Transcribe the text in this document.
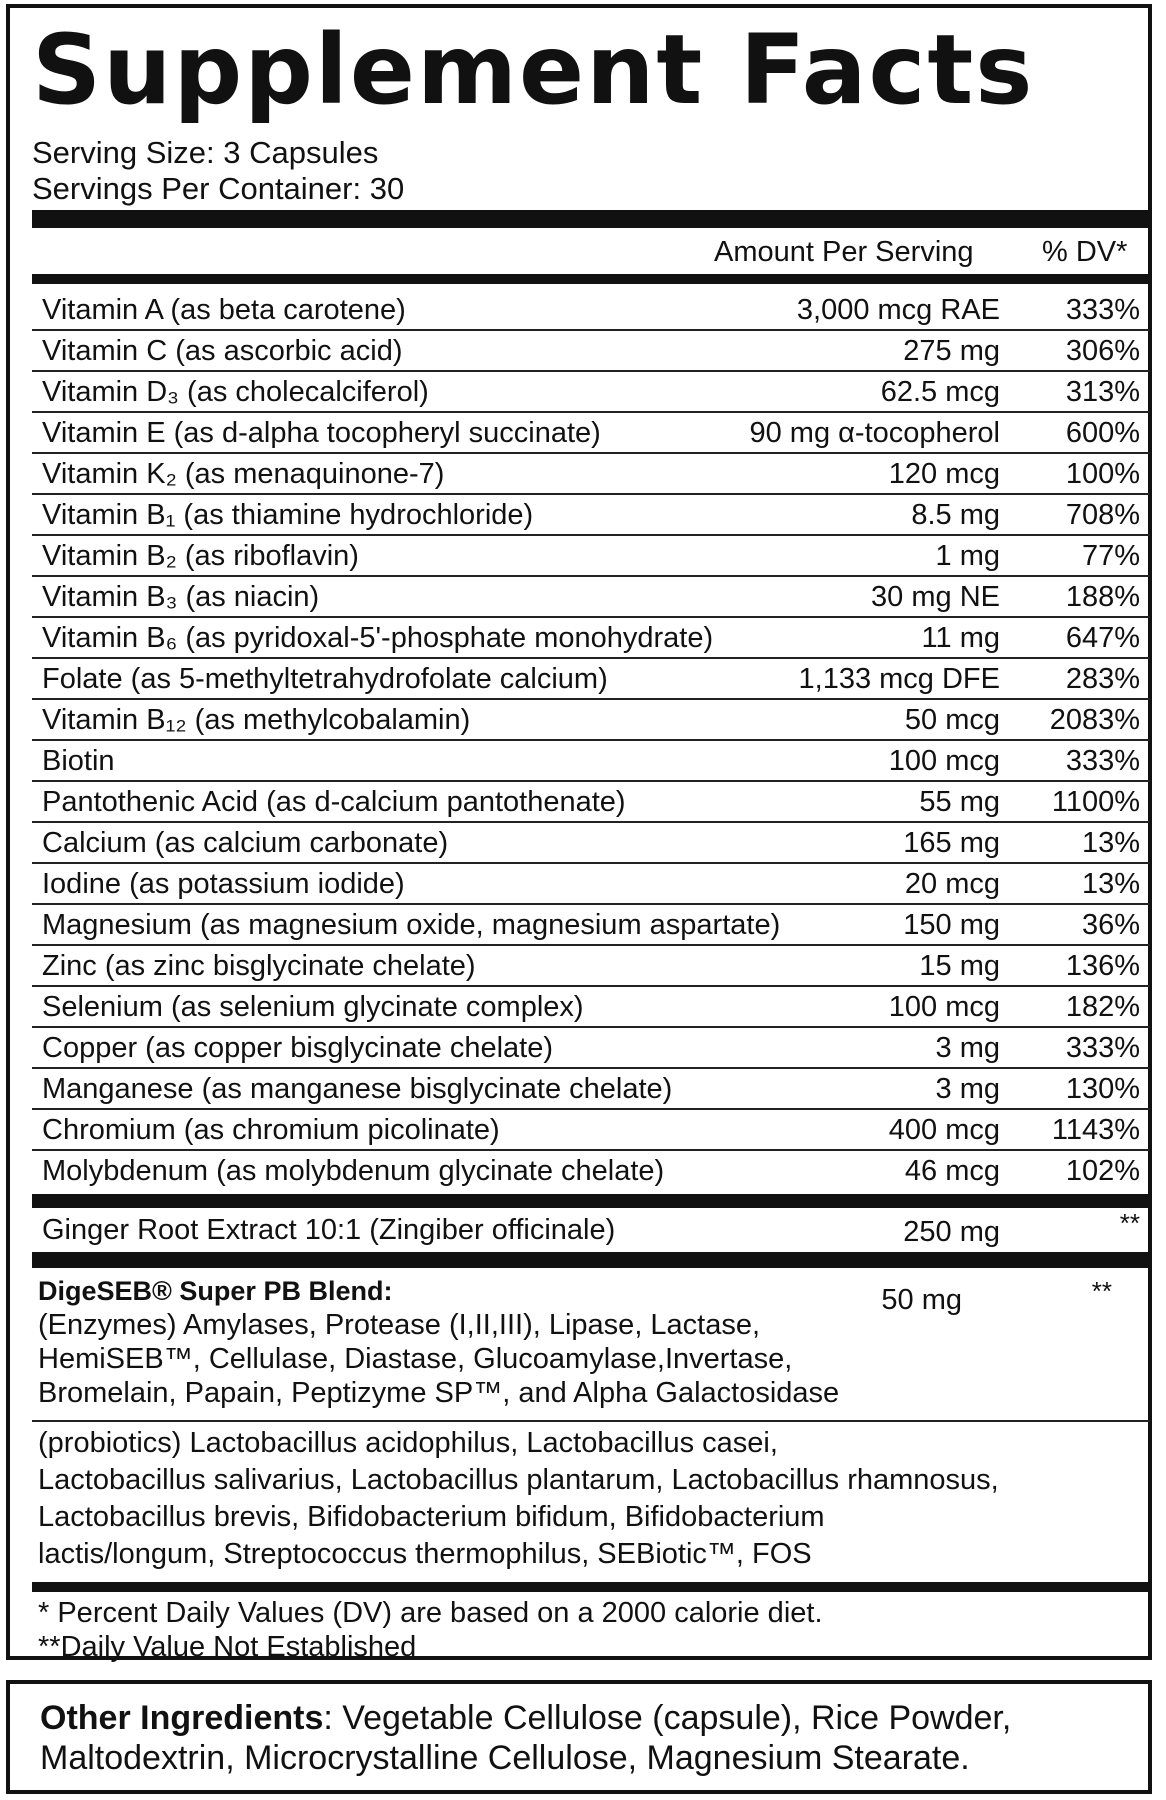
Supplement Facts
Serving Size: 3 Capsules
Servings Per Container: 30
Amount Per Serving % DV*
Vitamin A (as beta carotene)	3,000 mcg RAE 333%
Vitamin C (as ascorbic acid)	275 mg 306%
Vitamin D₃ (as cholecalciferol)	62.5 mcg 313%
Vitamin E (as d-alpha tocopheryl succinate)	90 mg α-tocopherol 600%
Vitamin K₂ (as menaquinone-7)	120 mcg 100%
Vitamin B₁ (as thiamine hydrochloride)	8.5 mg 708%
Vitamin B₂ (as riboflavin)	1 mg	77%
Vitamin B₃ (as niacin)	30 mg NE 188%
Vitamin B₆ (as pyridoxal-5'-phosphate monohydrate)	11 mg 647%
Folate (as 5-methyltetrahydrofolate calcium)	1,133 mcg DFE 283%
Vitamin B₁₂ (as methylcobalamin)	50 mcg 2083%
Biotin	100 mcg 333%
Pantothenic Acid (as d-calcium pantothenate)	55 mg 1100%
Calcium (as calcium carbonate)	165 mg	13%
Iodine (as potassium iodide)	20 mcg	13%
Magnesium (as magnesium oxide, magnesium aspartate)	150 mg	36%
Zinc (as zinc bisglycinate chelate)	15 mg 136%
Selenium (as selenium glycinate complex)	100 mcg 182%
Copper (as copper bisglycinate chelate)	3 mg 333%
Manganese (as manganese bisglycinate chelate)	3 mg 130%
Chromium (as chromium picolinate)	400 mcg 1143%
Molybdenum (as molybdenum glycinate chelate)	46 mcg 102%
Ginger Root Extract 10:1 (Zingiber officinale)	250 mg	**
DigeSEB® Super PB Blend:	50 mg	**
(Enzymes) Amylases, Protease (I,II,III), Lipase, Lactase,
HemiSEB™, Cellulase, Diastase, Glucoamylase,Invertase,
Bromelain, Papain, Peptizyme SP™, and Alpha Galactosidase
(probiotics) Lactobacillus acidophilus, Lactobacillus casei,
Lactobacillus salivarius, Lactobacillus plantarum, Lactobacillus rhamnosus,
Lactobacillus brevis, Bifidobacterium bifidum, Bifidobacterium
lactis/longum, Streptococcus thermophilus, SEBiotic™, FOS
* Percent Daily Values (DV) are based on a 2000 calorie diet.
**Daily Value Not Established
Other Ingredients: Vegetable Cellulose (capsule), Rice Powder, Maltodextrin, Microcrystalline Cellulose, Magnesium Stearate.
